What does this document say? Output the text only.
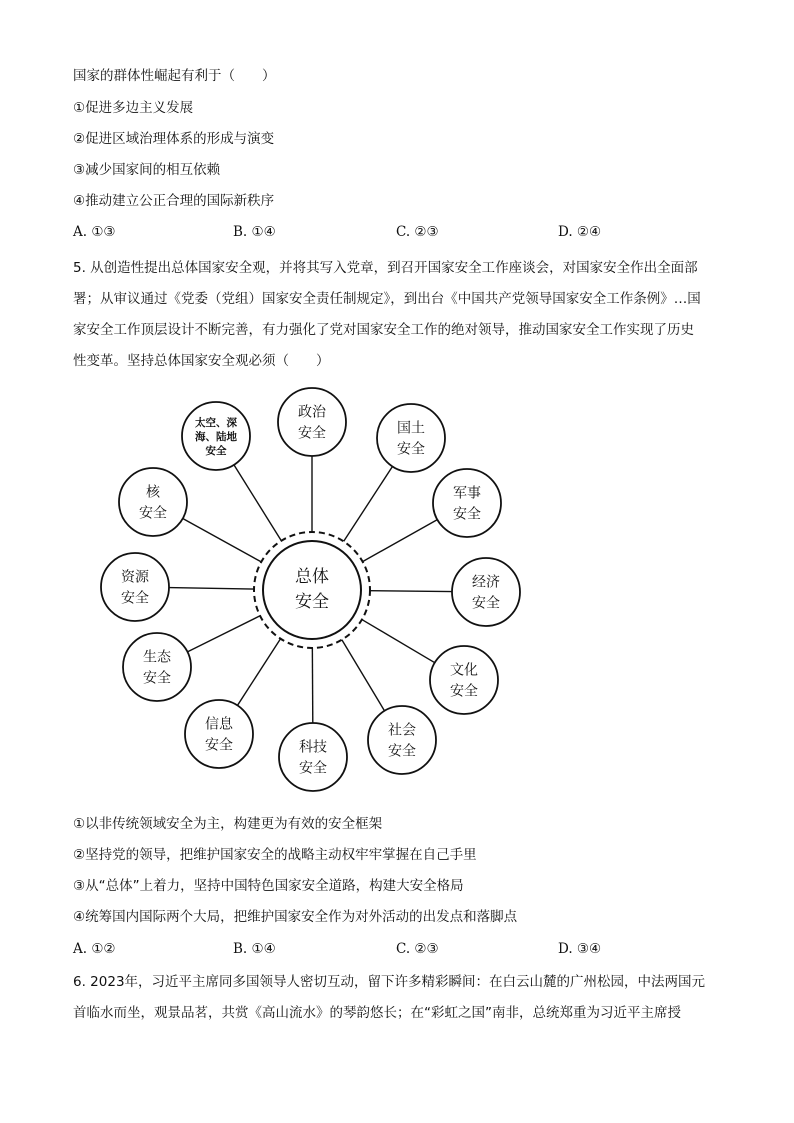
国家的群体性崛起有利于（　　）
①促进多边主义发展
②促进区域治理体系的形成与演变
③减少国家间的相互依赖
④推动建立公正合理的国际新秩序
A. ①③	B. ①④	C. ②③	D. ②④

5. 从创造性提出总体国家安全观，并将其写入党章，到召开国家安全工作座谈会，对国家安全作出全面部

署；从审议通过《党委（党组）国家安全责任制规定》，到出台《中国共产党领导国家安全工作条例》…国

家安全工作顶层设计不断完善，有力强化了党对国家安全工作的绝对领导，推动国家安全工作实现了历史

性变革。坚持总体国家安全观必须（　　）

总体
安全
政治
安全	国土
安全
军事
安全
经济
安全
文化
安全
社会
安全
科技
安全
信息
安全
生态
安全
资源
安全
核
安全
太空、深
海、陆地
安全
①以非传统领域安全为主，构建更为有效的安全框架
②坚持党的领导，把维护国家安全的战略主动权牢牢掌握在自己手里
③从“总体”上着力，坚持中国特色国家安全道路，构建大安全格局
④统筹国内国际两个大局，把维护国家安全作为对外活动的出发点和落脚点
A. ①②	B. ①④	C. ②③	D. ③④

6. 2023年，习近平主席同多国领导人密切互动，留下许多精彩瞬间：在白云山麓的广州松园，中法两国元

首临水而坐，观景品茗，共赏《高山流水》的琴韵悠长；在“彩虹之国”南非，总统郑重为习近平主席授
